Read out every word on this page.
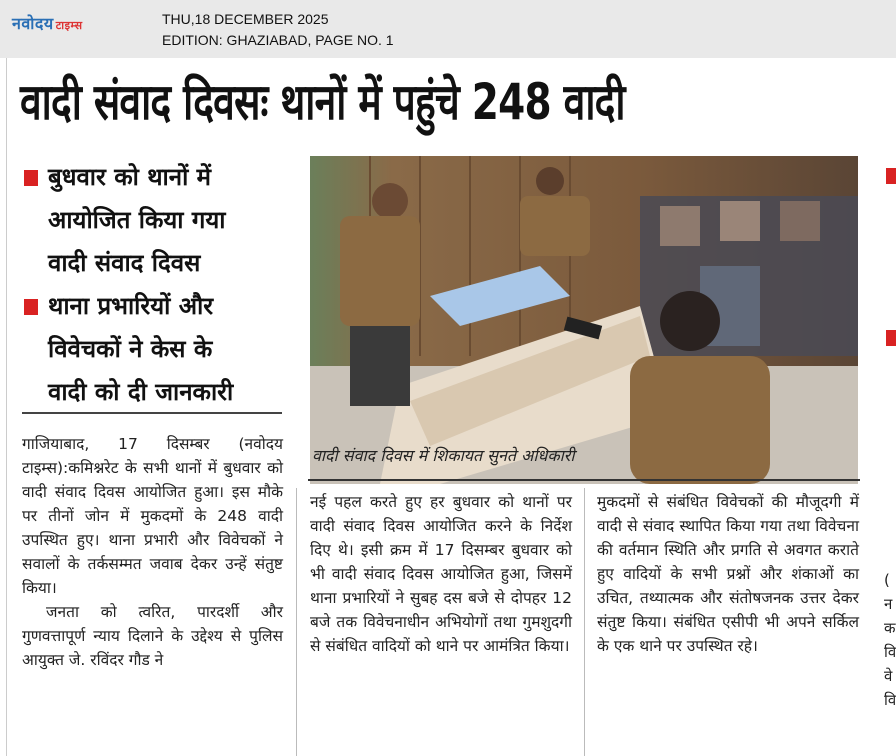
नवोदय टाइम्स	THU,18 DECEMBER 2025
EDITION: GHAZIABAD, PAGE NO. 1
वादी संवाद दिवसः थानों में पहुंचे 248 वादी
बुधवार को थानों में
आयोजित किया गया
वादी संवाद दिवस
थाना प्रभारियों और
विवेचकों ने केस के
वादी को दी जानकारी
वादी संवाद दिवस में शिकायत सुनते अधिकारी

गाजियाबाद, 17 दिसम्बर (नवोदय टाइम्स):कमिश्नरेट के सभी थानों में बुधवार को वादी संवाद दिवस आयोजित हुआ। इस मौके पर तीनों जोन में मुकदमों के 248 वादी उपस्थित हुए। थाना प्रभारी और विवेचकों ने सवालों के तर्कसम्मत जवाब देकर उन्हें संतुष्ट किया।

जनता को त्वरित, पारदर्शी और गुणवत्तापूर्ण न्याय दिलाने के उद्देश्य से पुलिस आयुक्त जे. रविंदर गौड ने

नई पहल करते हुए हर बुधवार को थानों पर वादी संवाद दिवस आयोजित करने के निर्देश दिए थे। इसी क्रम में 17 दिसम्बर बुधवार को भी वादी संवाद दिवस आयोजित हुआ, जिसमें थाना प्रभारियों ने सुबह दस बजे से दोपहर 12 बजे तक विवेचनाधीन अभियोगों तथा गुमशुदगी से संबंधित वादियों को थाने पर आमंत्रित किया।

मुकदमों से संबंधित विवेचकों की मौजूदगी में वादी से संवाद स्थापित किया गया तथा विवेचना की वर्तमान स्थिति और प्रगति से अवगत कराते हुए वादियों के सभी प्रश्नों और शंकाओं का उचित, तथ्यात्मक और संतोषजनक उत्तर देकर संतुष्ट किया। संबंधित एसीपी भी अपने सर्किल के एक थाने पर उपस्थित रहे।

(
न
क
वि
वे
वि
